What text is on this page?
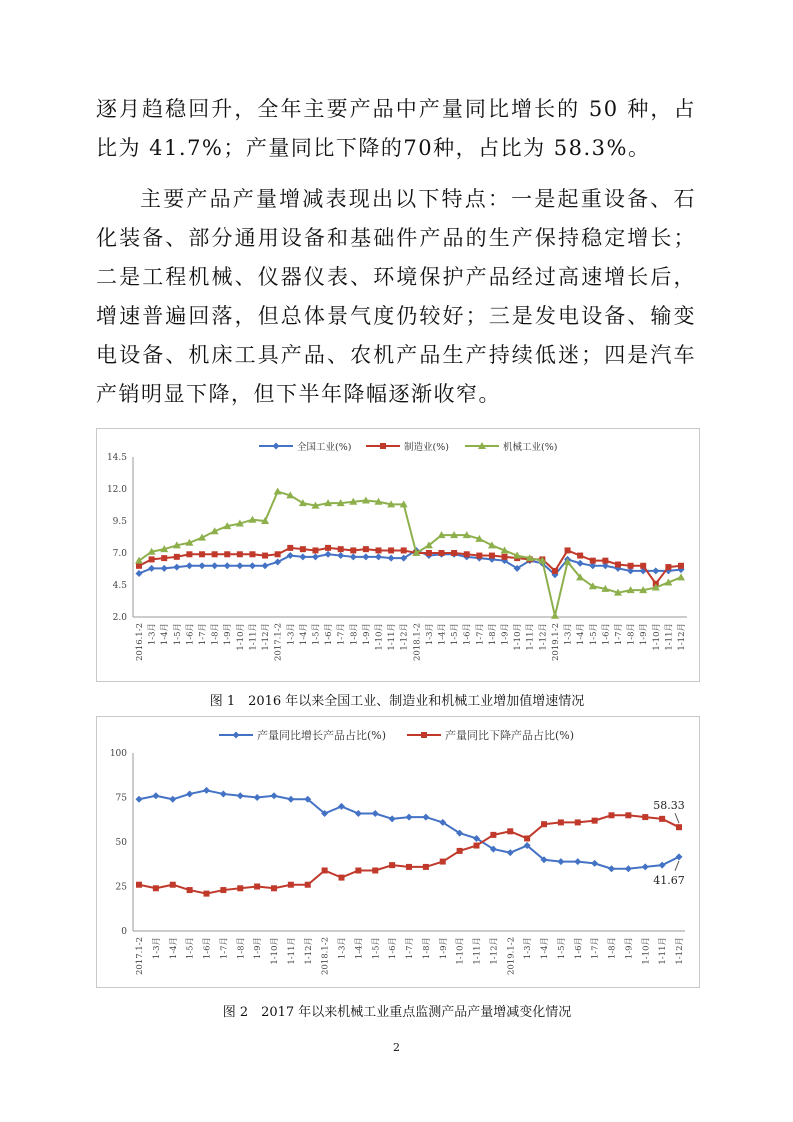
逐月趋稳回升，全年主要产品中产量同比增长的 50 种，占比为 41.7%；产量同比下降的70种，占比为 58.3%。

主要产品产量增减表现出以下特点：一是起重设备、石化装备、部分通用设备和基础件产品的生产保持稳定增长；二是工程机械、仪器仪表、环境保护产品经过高速增长后，增速普遍回落，但总体景气度仍较好；三是发电设备、输变电设备、机床工具产品、农机产品生产持续低迷；四是汽车产销明显下降，但下半年降幅逐渐收窄。

全国工业(%)	制造业(%)	机械工业(%)
14.5
12.0
9.5
7.0
4.5
2.0
2016.1-2 1-3月 1-4月 1-5月 1-6月 1-7月 1-8月 1-9月 1-10月 1-11月 1-12月 2017.1-2 1-3月 1-4月 1-5月 1-6月 1-7月 1-8月 1-9月 1-10月 1-11月 1-12月 2018.1-2 1-3月 1-4月 1-5月 1-6月 1-7月 1-8月 1-9月 1-10月 1-11月 1-12月 2019.1-2 1-3月 1-4月 1-5月 1-6月 1-7月 1-8月 1-9月 1-10月 1-11月 1-12月
图 1　2016 年以来全国工业、制造业和机械工业增加值增速情况
产量同比增长产品占比(%)	产量同比下降产品占比(%)
100
75
50
25
0
2017.1-2 1-3月 1-4月 1-5月 1-6月 1-7月 1-8月 1-9月 1-10月 1-11月 1-12月 2018.1-2 1-3月 1-4月 1-5月 1-6月 1-7月 1-8月 1-9月 1-10月 1-11月 1-12月 2019.1-2 1-3月 1-4月 1-5月 1-6月 1-7月 1-8月 1-9月 1-10月 1-11月 1-12月
58.33
41.67
图 2　2017 年以来机械工业重点监测产品产量增减变化情况
2
